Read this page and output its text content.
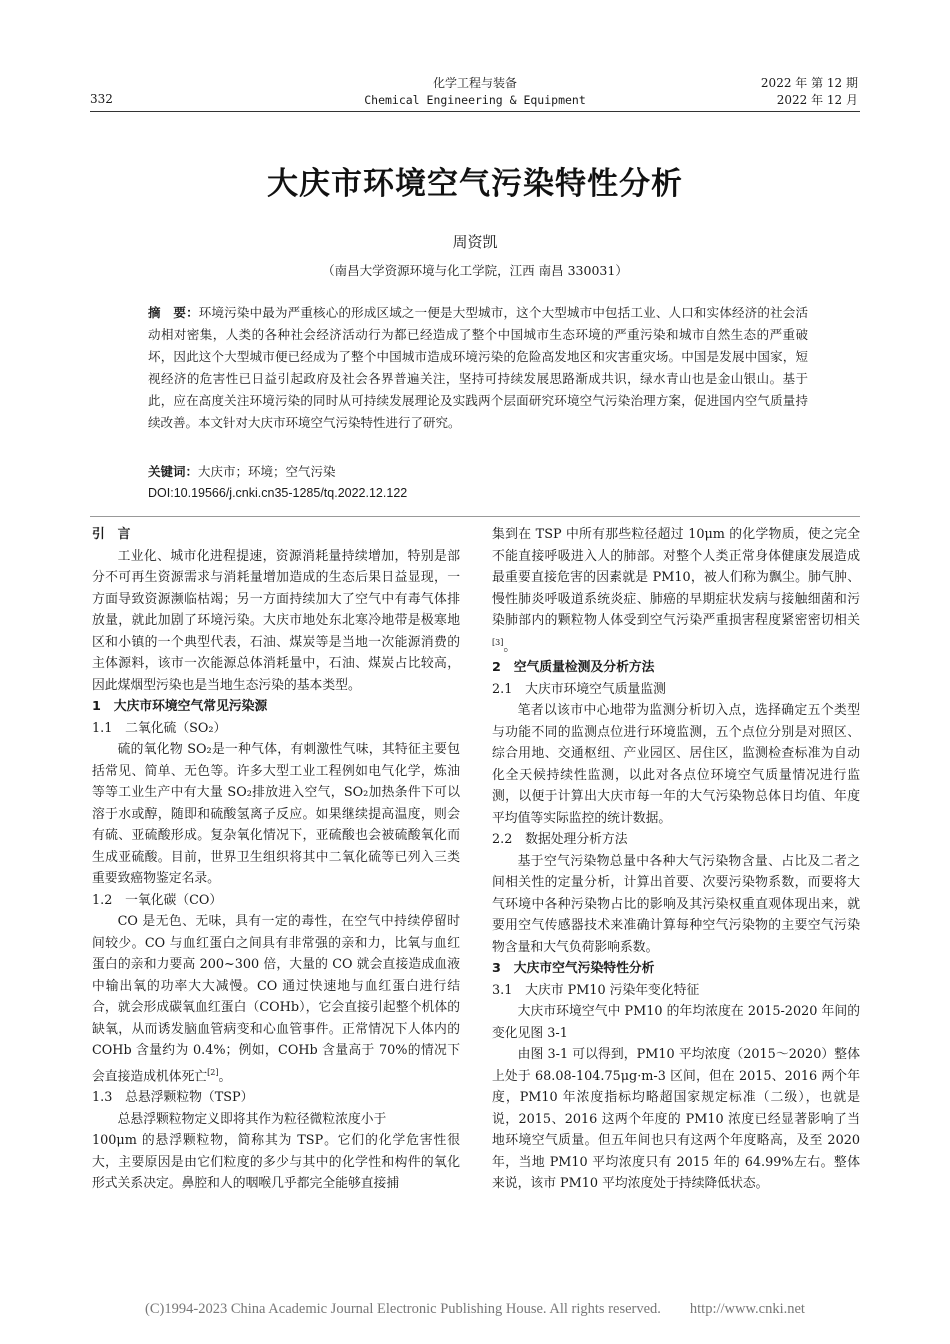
332
化学工程与装备
Chemical Engineering & Equipment
2022 年 第 12 期
2022 年 12 月
大庆市环境空气污染特性分析
周资凯
（南昌大学资源环境与化工学院，江西 南昌 330031）
摘　要：环境污染中最为严重核心的形成区域之一便是大型城市，这个大型城市中包括工业、人口和实体经济的社会活动相对密集，人类的各种社会经济活动行为都已经造成了整个中国城市生态环境的严重污染和城市自然生态的严重破坏，因此这个大型城市便已经成为了整个中国城市造成环境污染的危险高发地区和灾害重灾场。中国是发展中国家，短视经济的危害性已日益引起政府及社会各界普遍关注，坚持可持续发展思路渐成共识，绿水青山也是金山银山。基于此，应在高度关注环境污染的同时从可持续发展理论及实践两个层面研究环境空气污染治理方案，促进国内空气质量持续改善。本文针对大庆市环境空气污染特性进行了研究。
关键词：大庆市；环境；空气污染
DOI:10.19566/j.cnki.cn35-1285/tq.2022.12.122
引　言

工业化、城市化进程提速，资源消耗量持续增加，特别是部分不可再生资源需求与消耗量增加造成的生态后果日益显现，一方面导致资源濒临枯竭；另一方面持续加大了空气中有毒气体排放量，就此加剧了环境污染。大庆市地处东北寒冷地带是极寒地区和小镇的一个典型代表，石油、煤炭等是当地一次能源消费的主体源料，该市一次能源总体消耗量中，石油、煤炭占比较高，因此煤烟型污染也是当地生态污染的基本类型。

1　大庆市环境空气常见污染源
1.1　二氧化硫（SO₂）

硫的氧化物 SO₂是一种气体，有刺激性气味，其特征主要包括常见、简单、无色等。许多大型工业工程例如电气化学，炼油等等工业生产中有大量 SO₂排放进入空气，SO₂加热条件下可以溶于水或醇，随即和硫酸氢离子反应。如果继续提高温度，则会有硫、亚硫酸形成。复杂氧化情况下，亚硫酸也会被硫酸氧化而生成亚硫酸。目前，世界卫生组织将其中二氧化硫等已列入三类重要致癌物鉴定名录。

1.2　一氧化碳（CO）

CO 是无色、无味，具有一定的毒性，在空气中持续停留时间较少。CO 与血红蛋白之间具有非常强的亲和力，比氧与血红蛋白的亲和力要高 200~300 倍，大量的 CO 就会直接造成血液中输出氧的功率大大减慢。CO 通过快速地与血红蛋白进行结合，就会形成碳氧血红蛋白（COHb），它会直接引起整个机体的缺氧，从而诱发脑血管病变和心血管事件。正常情况下人体内的 COHb 含量约为 0.4%；例如，COHb 含量高于 70%的情况下会直接造成机体死亡[2]。

1.3　总悬浮颗粒物（TSP）

总悬浮颗粒物定义即将其作为粒径微粒浓度小于

100μm 的悬浮颗粒物，简称其为 TSP。它们的化学危害性很大，主要原因是由它们粒度的多少与其中的化学性和构件的氧化形式关系决定。鼻腔和人的咽喉几乎都完全能够直接捕

集到在 TSP 中所有那些粒径超过 10μm 的化学物质，使之完全不能直接呼吸进入人的肺部。对整个人类正常身体健康发展造成最重要直接危害的因素就是 PM10，被人们称为飘尘。肺气肿、慢性肺炎呼吸道系统炎症、肺癌的早期症状发病与接触细菌和污染肺部内的颗粒物人体受到空气污染严重损害程度紧密密切相关[3]。

2　空气质量检测及分析方法
2.1　大庆市环境空气质量监测

笔者以该市中心地带为监测分析切入点，选择确定五个类型与功能不同的监测点位进行环境监测，五个点位分别是对照区、综合用地、交通枢纽、产业园区、居住区，监测检查标准为自动化全天候持续性监测，以此对各点位环境空气质量情况进行监测，以便于计算出大庆市每一年的大气污染物总体日均值、年度平均值等实际监控的统计数据。

2.2　数据处理分析方法

基于空气污染物总量中各种大气污染物含量、占比及二者之间相关性的定量分析，计算出首要、次要污染物系数，而要将大气环境中各种污染物占比的影响及其污染权重直观体现出来，就要用空气传感器技术来准确计算每种空气污染物的主要空气污染物含量和大气负荷影响系数。

3　大庆市空气污染特性分析
3.1　大庆市 PM10 污染年变化特征

大庆市环境空气中 PM10 的年均浓度在 2015-2020 年间的变化见图 3-1

由图 3-1 可以得到，PM10 平均浓度（2015～2020）整体上处于 68.08-104.75μg·m-3 区间，但在 2015、2016 两个年度，PM10 年浓度指标均略超国家规定标准（二级），也就是说，2015、2016 这两个年度的 PM10 浓度已经显著影响了当地环境空气质量。但五年间也只有这两个年度略高，及至 2020 年，当地 PM10 平均浓度只有 2015 年的 64.99%左右。整体来说，该市 PM10 平均浓度处于持续降低状态。

(C)1994-2023 China Academic Journal Electronic Publishing House. All rights reserved.　　http://www.cnki.net
